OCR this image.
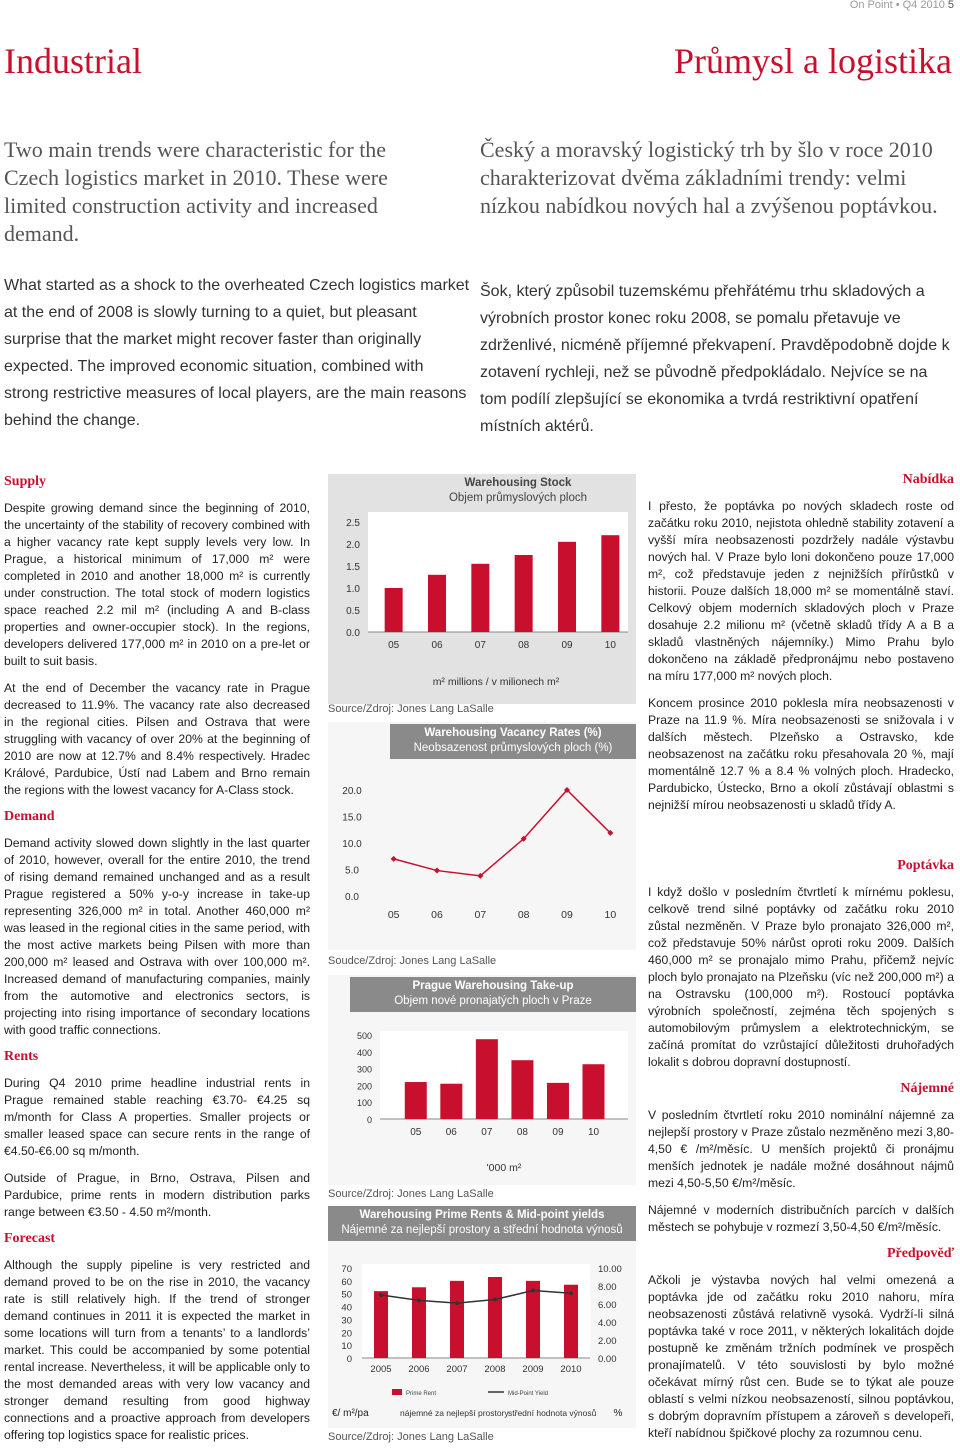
On Point • Q4 2010 5
Industrial	Průmysl a logistika
Two main trends were characteristic for the Czech logistics market in 2010. These were limited construction activity and increased demand.
Český a moravský logistický trh by šlo v roce 2010 charakterizovat dvěma základními trendy: velmi nízkou nabídkou nových hal a zvýšenou poptávkou.
What started as a shock to the overheated Czech logistics market at the end of 2008 is slowly turning to a quiet, but pleasant surprise that the market might recover faster than originally expected. The improved economic situation, combined with strong restrictive measures of local players, are the main reasons behind the change.
Šok, který způsobil tuzemskému přehřátému trhu skladových a výrobních prostor konec roku 2008, se pomalu přetavuje ve zdrženlivé, nicméně příjemné překvapení. Pravděpodobně dojde k zotavení rychleji, než se původně předpokládalo. Nejvíce se na tom podílí zlepšující se ekonomika a tvrdá restriktivní opatření místních aktérů.
Supply

Despite growing demand since the beginning of 2010, the uncertainty of the stability of recovery combined with a higher vacancy rate kept supply levels very low. In Prague, a historical minimum of 17,000 m² were completed in 2010 and another 18,000 m² is currently under construction. The total stock of modern logistics space reached 2.2 mil m² (including A and B-class properties and owner-occupier stock). In the regions, developers delivered 177,000 m² in 2010 on a pre-let or built to suit basis.

At the end of December the vacancy rate in Prague decreased to 11.9%. The vacancy rate also decreased in the regional cities. Pilsen and Ostrava that were struggling with vacancy of over 20% at the beginning of 2010 are now at 12.7% and 8.4% respectively. Hradec Králové, Pardubice, Ústí nad Labem and Brno remain the regions with the lowest vacancy for A-Class stock.

Demand

Demand activity slowed down slightly in the last quarter of 2010, however, overall for the entire 2010, the trend of rising demand remained unchanged and as a result Prague registered a 50% y-o-y increase in take-up representing 326,000 m² in total. Another 460,000 m² was leased in the regional cities in the same period, with the most active markets being Pilsen with more than 200,000 m² leased and Ostrava with over 100,000 m². Increased demand of manufacturing companies, mainly from the automotive and electronics sectors, is projecting into rising importance of secondary locations with good traffic connections.

Rents

During Q4 2010 prime headline industrial rents in Prague remained stable reaching €3.70- €4.25 sq m/month for Class A properties. Smaller projects or smaller leased space can secure rents in the range of €4.50-€6.00 sq m/month.

Outside of Prague, in Brno, Ostrava, Pilsen and Pardubice, prime rents in modern distribution parks range between €3.50 - 4.50 m²/month.

Forecast

Although the supply pipeline is very restricted and demand proved to be on the rise in 2010, the vacancy rate is still relatively high. If the trend of stronger demand continues in 2011 it is expected the market in some locations will turn from a tenants’ to a landlords’ market. This could be accompanied by some potential rental increase. Nevertheless, it will be applicable only to the most demanded areas with very low vacancy and stronger demand resulting from good highway connections and a proactive approach from developers offering top logistics space for realistic prices.

Nabídka

I přesto, že poptávka po nových skladech roste od začátku roku 2010, nejistota ohledně stability zotavení a vyšší míra neobsazenosti pozdržely nadále výstavbu nových hal. V Praze bylo loni dokončeno pouze 17,000 m², což představuje jeden z nejnižších přírůstků v historii. Pouze dalších 18,000 m² se momentálně staví. Celkový objem moderních skladových ploch v Praze dosahuje 2.2 milionu m² (včetně skladů třídy A a B a skladů vlastněných nájemníky.) Mimo Prahu bylo dokončeno na základě předpronájmu nebo postaveno na míru 177,000 m² nových ploch.

Koncem prosince 2010 poklesla míra neobsazenosti v Praze na 11.9 %. Míra neobsazenosti se snižovala i v dalších městech. Plzeňsko a Ostravsko, kde neobsazenost na začátku roku přesahovala 20 %, mají momentálně 12.7 % a 8.4 % volných ploch. Hradecko, Pardubicko, Ústecko, Brno a okolí zůstávají oblastmi s nejnižší mírou neobsazenosti u skladů třídy A.

Poptávka

I když došlo v posledním čtvrtletí k mírnému poklesu, celkově trend silné poptávky od začátku roku 2010 zůstal nezměněn. V Praze bylo pronajato 326,000 m², což představuje 50% nárůst oproti roku 2009. Dalších 460,000 m² se pronajalo mimo Prahu, přičemž nejvíc ploch bylo pronajato na Plzeňsku (víc než 200,000 m²) a na Ostravsku (100,000 m²). Rostoucí poptávka výrobních společností, zejména těch spojených s automobilovým průmyslem a elektrotechnickým, se začíná promítat do vzrůstající důležitosti druhořadých lokalit s dobrou dopravní dostupností.

Nájemné

V posledním čtvrtletí roku 2010 nominální nájemné za nejlepší prostory v Praze zůstalo nezměněno mezi 3,80-4,50 € /m²/měsíc. U menších projektů či pronájmu menších jednotek je nadále možné dosáhnout nájmů mezi 4,50-5,50 €/m²/měsíc.

Nájemné v moderních distribučních parcích v dalších městech se pohybuje v rozmezí 3,50-4,50 €/m²/měsíc.

Předpověď

Ačkoli je výstavba nových hal velmi omezená a poptávka jde od začátku roku 2010 nahoru, míra neobsazenosti zůstává relativně vysoká. Vydrží-li silná poptávka také v roce 2011, v některých lokalitách dojde postupně ke změnám tržních podmínek ve prospěch pronajímatelů. V této souvislosti by bylo možné očekávat mírný růst cen. Bude se to týkat ale pouze oblastí s velmi nízkou neobsazeností, silnou poptávkou, s dobrým dopravním přístupem a zároveň s developeři, kteří nabídnou špičkové plochy za rozumnou cenu.

Warehousing Stock
Objem průmyslových ploch
0.0
0.5
1.0
1.5
2.0
2.5
05	06	07	08	09	10
m² millions / v milionech m²
Source/Zdroj: Jones Lang LaSalle
Warehousing Vacancy Rates (%)
Neobsazenost průmyslových ploch (%)
0.0
5.0
10.0
15.0
20.0
05	06	07	08	09	10
Soudce/Zdroj: Jones Lang LaSalle
Prague Warehousing Take-up
Objem nové pronajatých ploch v Praze
0
100
200
300
400
500
05 06 07 08 09 10
'000 m²
Source/Zdroj: Jones Lang LaSalle
Warehousing Prime Rents & Mid-point yields
Nájemné za nejlepší prostory a střední hodnota výnosů
0
10
20
30
40
50
60
70
0.00
2.00
4.00
6.00
8.00
10.00
2005 2006 2007 2008 2009 2010
Prime Rent	Mid-Point Yield
€/ m²/pa	nájemné za nejlepší prostory střední hodnota výnosů %
Source/Zdroj: Jones Lang LaSalle
